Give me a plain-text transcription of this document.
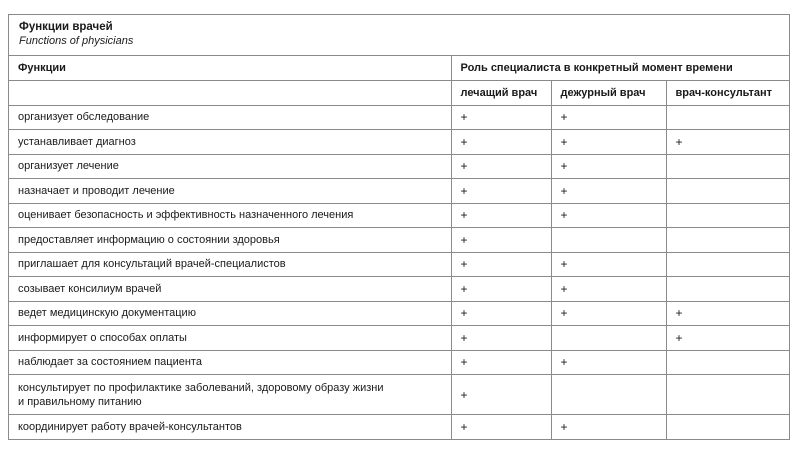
Функции врачей
Functions of physicians
Функции	Роль специалиста в конкретный момент времени		
	лечащий врач	дежурный врач	врач-консультант
организует обследование	+	+	
устанавливает диагноз	+	+	+
организует лечение	+	+	
назначает и проводит лечение	+	+	
оценивает безопасность и эффективность назначенного лечения	+	+	
предоставляет информацию о состоянии здоровья	+		
приглашает для консультаций врачей-специалистов	+	+	
созывает консилиум врачей	+	+	
ведет медицинскую документацию	+	+	+
информирует о способах оплаты	+		+
наблюдает за состоянием пациента	+	+	
консультирует по профилактике заболеваний, здоровому образу жизни
и правильному питанию	+		
координирует работу врачей-консультантов	+	+	
